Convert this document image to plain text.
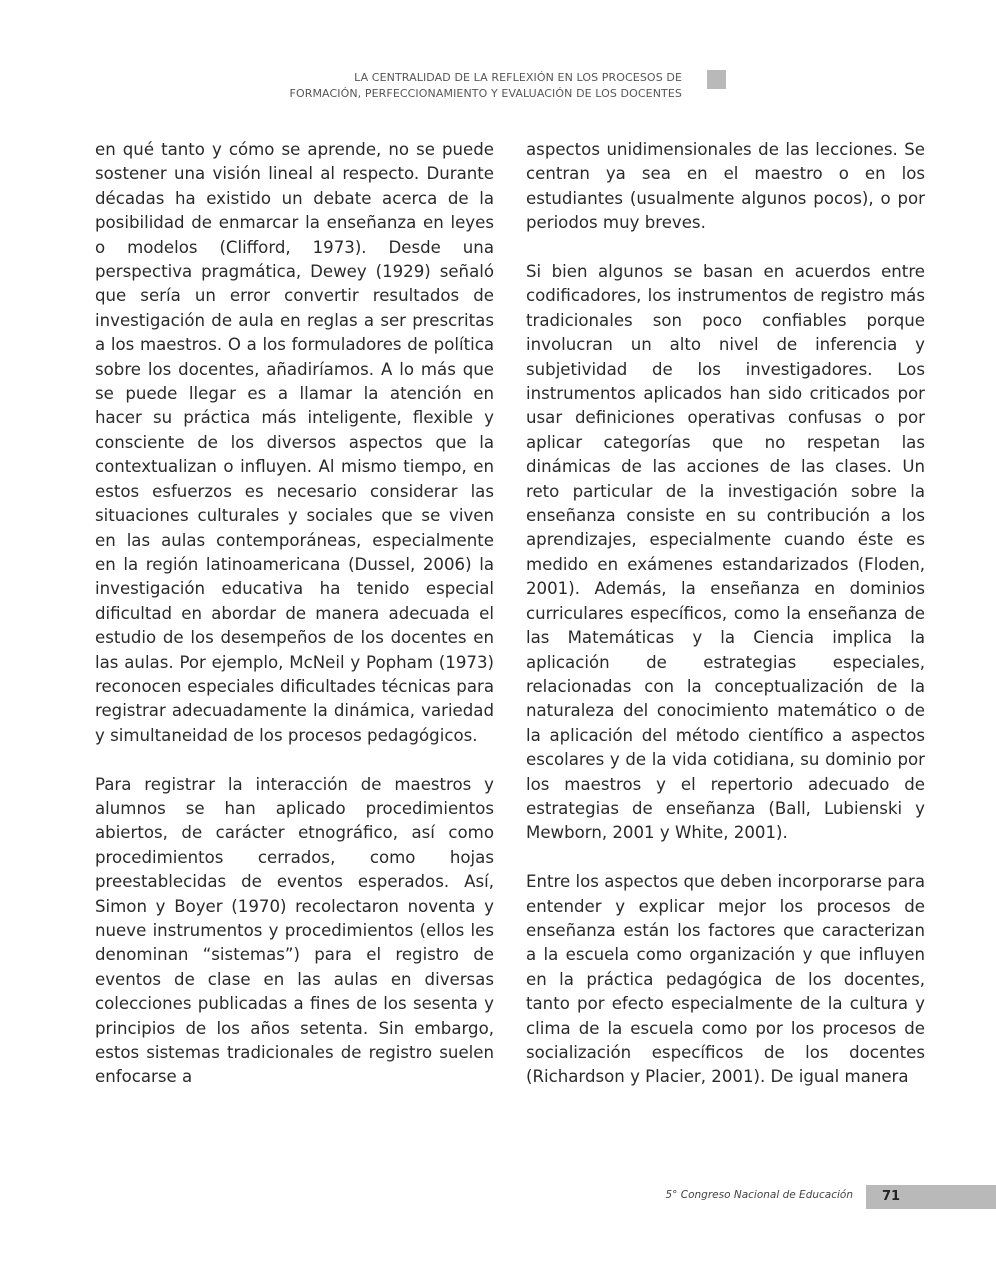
LA CENTRALIDAD DE LA REFLEXIÓN EN LOS PROCESOS DE
FORMACIÓN, PERFECCIONAMIENTO Y EVALUACIÓN DE LOS DOCENTES

en qué tanto y cómo se aprende, no se puede sostener una visión lineal al respecto. Durante décadas ha existido un debate acerca de la posibilidad de enmarcar la enseñanza en leyes o modelos (Clifford, 1973). Desde una perspectiva pragmática, Dewey (1929) señaló que sería un error convertir resultados de investigación de aula en reglas a ser prescritas a los maestros. O a los formuladores de política sobre los docentes, añadiríamos. A lo más que se puede llegar es a llamar la atención en hacer su práctica más inteligente, flexible y consciente de los diversos aspectos que la contextualizan o influyen. Al mismo tiempo, en estos esfuerzos es necesario considerar las situaciones culturales y sociales que se viven en las aulas contemporáneas, especialmente en la región latinoamericana (Dussel, 2006) la investigación educativa ha tenido especial dificultad en abordar de manera adecuada el estudio de los desempeños de los docentes en las aulas. Por ejemplo, McNeil y Popham (1973) reconocen especiales dificultades técnicas para registrar adecuadamente la dinámica, variedad y simultaneidad de los procesos pedagógicos.

Para registrar la interacción de maestros y alumnos se han aplicado procedimientos abiertos, de carácter etnográfico, así como procedimientos cerrados, como hojas preestablecidas de eventos esperados. Así, Simon y Boyer (1970) recolectaron noventa y nueve instrumentos y procedimientos (ellos les denominan “sistemas”) para el registro de eventos de clase en las aulas en diversas colecciones publicadas a fines de los sesenta y principios de los años setenta. Sin embargo, estos sistemas tradicionales de registro suelen enfocarse a

aspectos unidimensionales de las lecciones. Se centran ya sea en el maestro o en los estudiantes (usualmente algunos pocos), o por periodos muy breves.

Si bien algunos se basan en acuerdos entre codificadores, los instrumentos de registro más tradicionales son poco confiables porque involucran un alto nivel de inferencia y subjetividad de los investigadores. Los instrumentos aplicados han sido criticados por usar definiciones operativas confusas o por aplicar categorías que no respetan las dinámicas de las acciones de las clases. Un reto particular de la investigación sobre la enseñanza consiste en su contribución a los aprendizajes, especialmente cuando éste es medido en exámenes estandarizados (Floden, 2001). Además, la enseñanza en dominios curriculares específicos, como la enseñanza de las Matemáticas y la Ciencia implica la aplicación de estrategias especiales, relacionadas con la conceptualización de la naturaleza del conocimiento matemático o de la aplicación del método científico a aspectos escolares y de la vida cotidiana, su dominio por los maestros y el repertorio adecuado de estrategias de enseñanza (Ball, Lubienski y Mewborn, 2001 y White, 2001).

Entre los aspectos que deben incorporarse para entender y explicar mejor los procesos de enseñanza están los factores que caracterizan a la escuela como organización y que influyen en la práctica pedagógica de los docentes, tanto por efecto especialmente de la cultura y clima de la escuela como por los procesos de socialización específicos de los docentes (Richardson y Placier, 2001). De igual manera

5° Congreso Nacional de Educación	71
